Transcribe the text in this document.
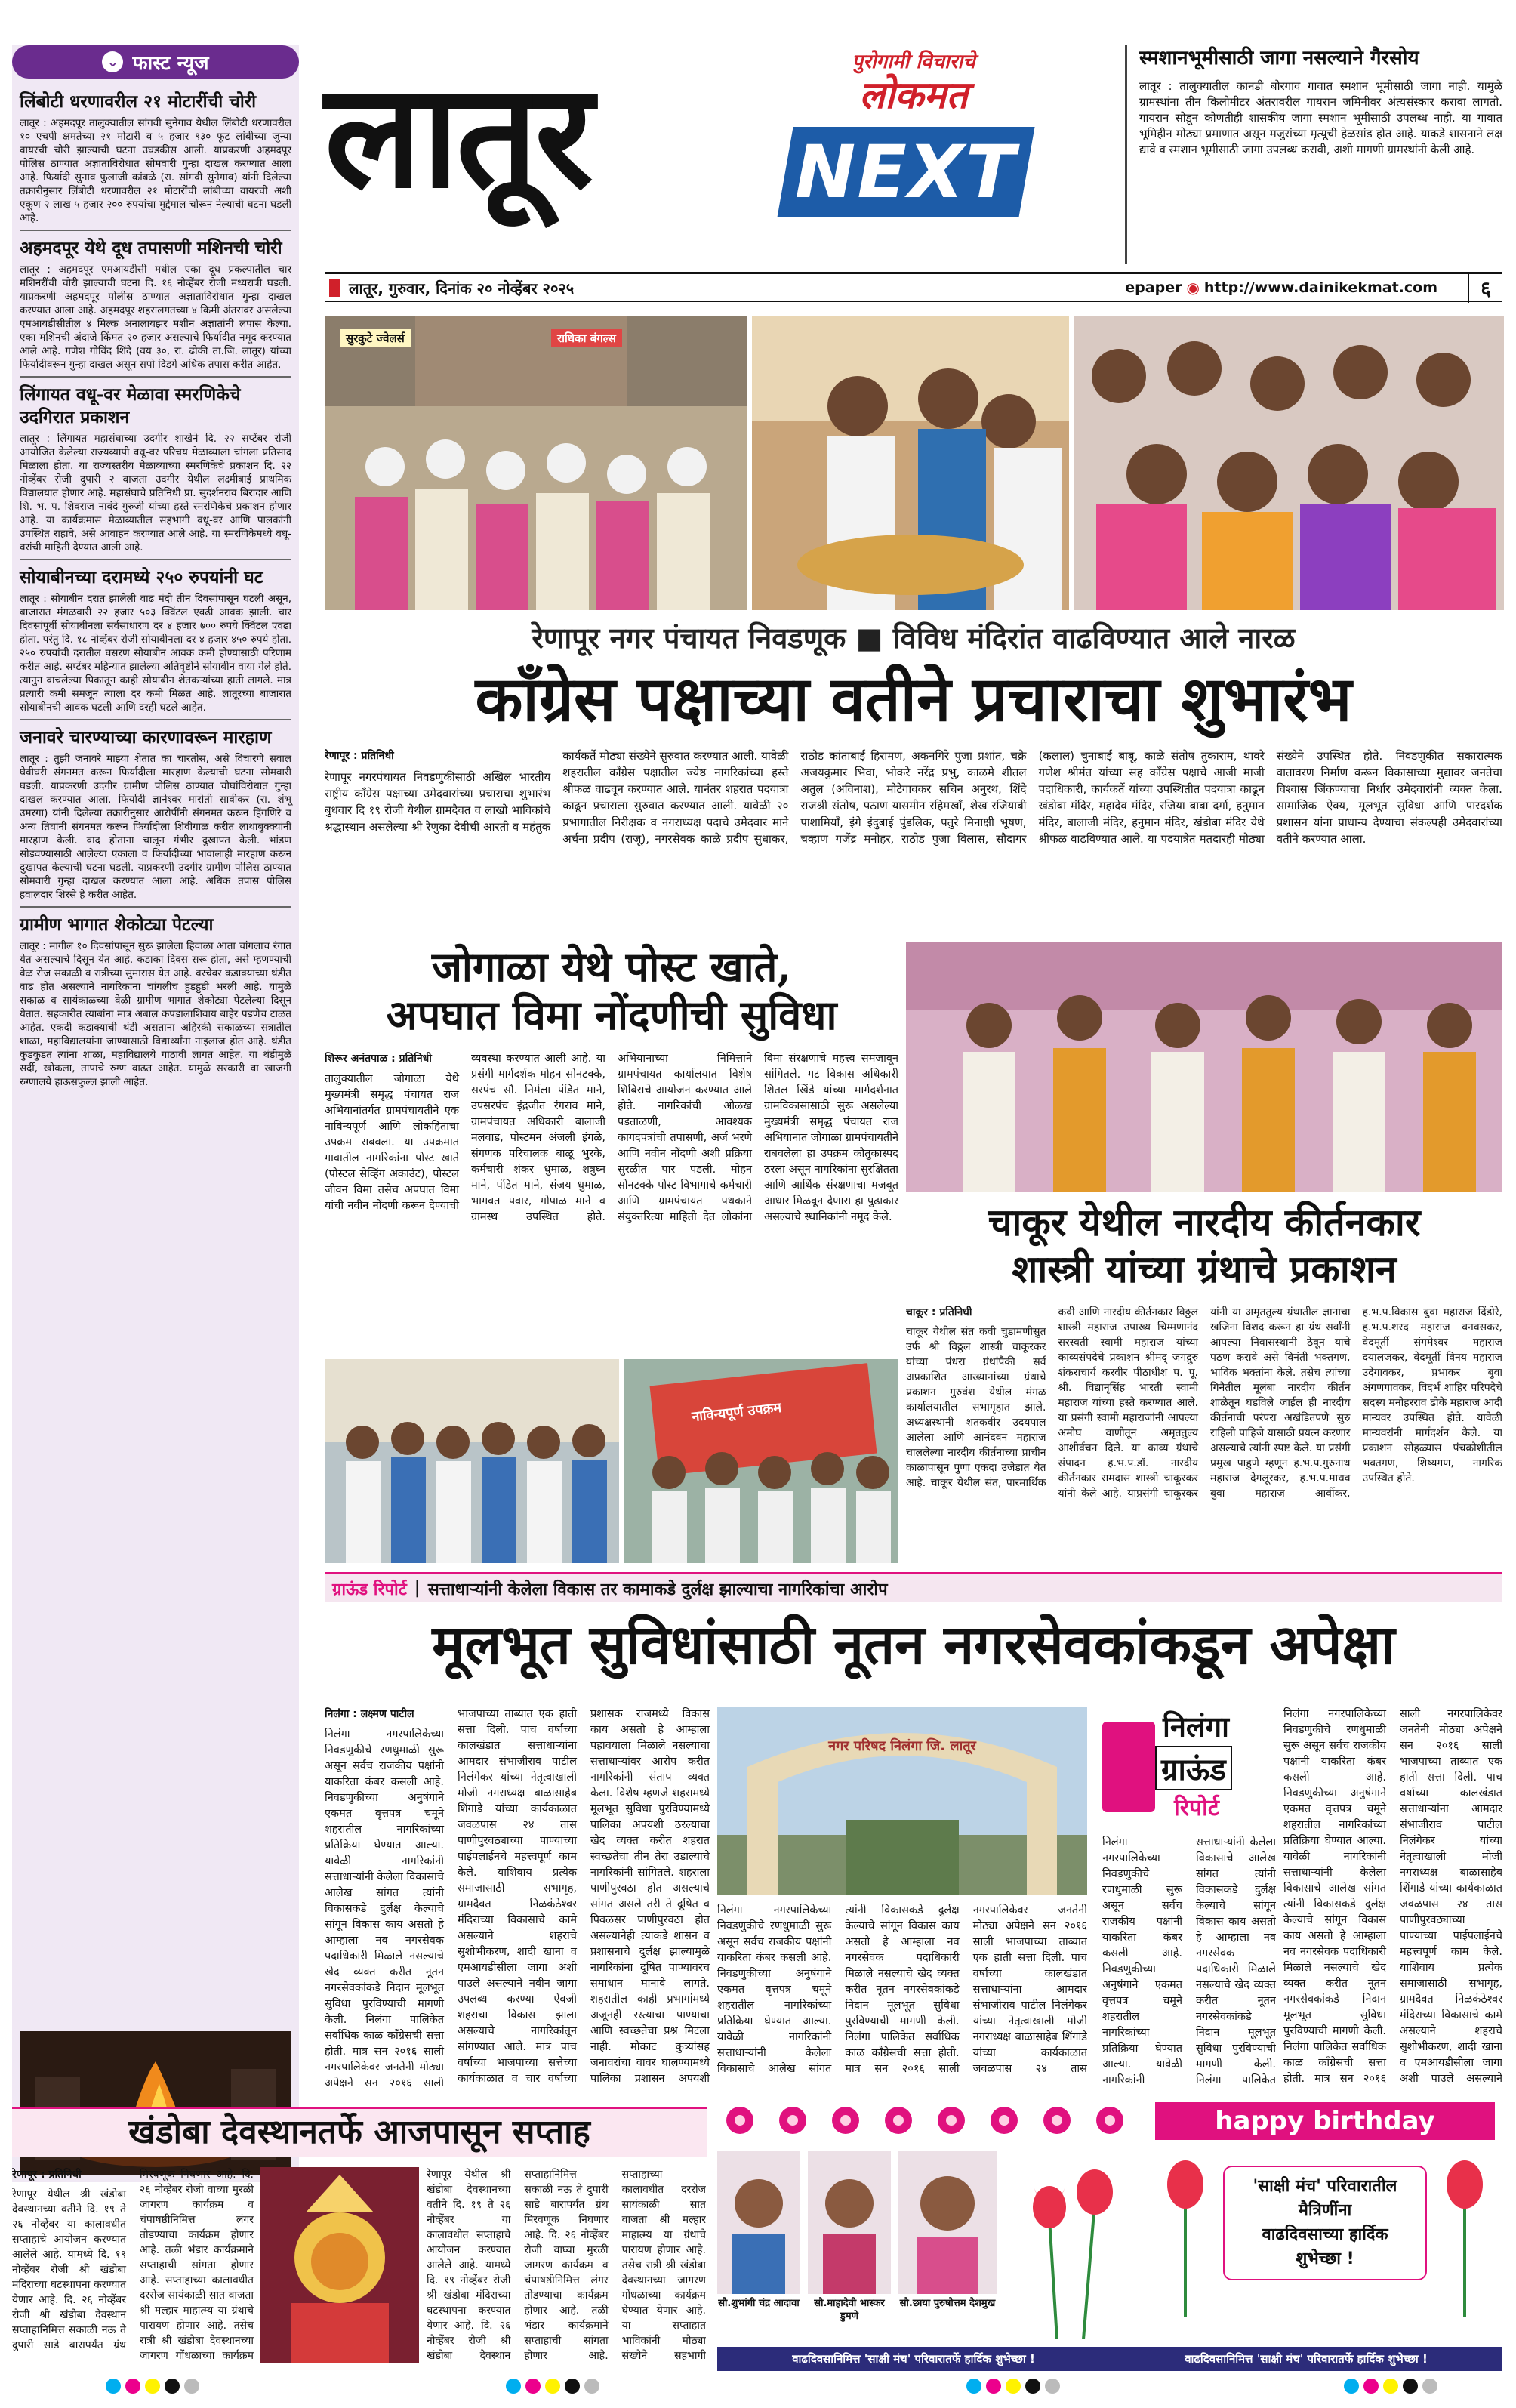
लिंबोटी धरणावरील २१ मोटारींची चोरी
लातूर : अहमदपूर तालुक्यातील सांगवी सुनेगाव येथील लिंबोटी धरणावरील १० एचपी क्षमतेच्या २१ मोटारी व ५ हजार ९३० फूट लांबीच्या जुन्या वायरची चोरी झाल्याची घटना उघडकीस आली. याप्रकरणी अहमदपूर पोलिस ठाण्यात अज्ञाताविरोधात सोमवारी गुन्हा दाखल करण्यात आला आहे. फिर्यादी सुनाव फुलाजी कांबळे (रा. सांगवी सुनेगाव) यांनी दिलेल्या तक्रारीनुसार लिंबोटी धरणावरील २१ मोटारींची लांबीच्या वायरची अशी एकूण २ लाख ५ हजार २०० रुपयांचा मुद्देमाल चोरून नेल्याची घटना घडली आहे.
अहमदपूर येथे दूध तपासणी मशिनची चोरी
लातूर : अहमदपूर एमआयडीसी मधील एका दूध प्रकल्पातील चार मशिनरींची चोरी झाल्याची घटना दि. १६ नोव्हेंबर रोजी मध्यरात्री घडली. याप्रकरणी अहमदपूर पोलीस ठाण्यात अज्ञाताविरोधात गुन्हा दाखल करण्यात आला आहे. अहमदपूर शहरालगतच्या ४ किमी अंतरावर असलेल्या एमआयडीसीतील ४ मिल्क अनालायझर मशीन अज्ञातांनी लंपास केल्या. एका मशिनची अंदाजे किंमत २० हजार असल्याचे फिर्यादीत नमूद करण्यात आले आहे. गणेश गोविंद शिंदे (वय ३०, रा. ढोकी ता.जि. लातूर) यांच्या फिर्यादीवरून गुन्हा दाखल असून सपो दिडगे अधिक तपास करीत आहेत.
लिंगायत वधू-वर मेळावा स्मरणिकेचे उदगिरात प्रकाशन
लातूर : लिंगायत महासंघाच्या उदगीर शाखेने दि. २२ सप्टेंबर रोजी आयोजित केलेल्या राज्यव्यापी वधू-वर परिचय मेळाव्याला चांगला प्रतिसाद मिळाला होता. या राज्यस्तरीय मेळाव्याच्या स्मरणिकेचे प्रकाशन दि. २२ नोव्हेंबर रोजी दुपारी २ वाजता उदगीर येथील लक्ष्मीबाई प्राथमिक विद्यालयात होणार आहे. महासंघाचे प्रतिनिधी प्रा. सुदर्शनराव बिरादार आणि शि. भ. प. शिवराज नावंदे गुरुजी यांच्या हस्ते स्मरणिकेचे प्रकाशन होणार आहे. या कार्यक्रमास मेळाव्यातील सहभागी वधू-वर आणि पालकांनी उपस्थित राहावे, असे आवाहन करण्यात आले आहे. या स्मरणिकेमध्ये वधू-वरांची माहिती देण्यात आली आहे.
सोयाबीनच्या दरामध्ये २५० रुपयांनी घट
लातूर : सोयाबीन दरात झालेली वाढ मंदी तीन दिवसांपासून घटली असून, बाजारात मंगळवारी २२ हजार ५०३ क्विंटल एवढी आवक झाली. चार दिवसांपूर्वी सोयाबीनला सर्वसाधारण दर ४ हजार ७०० रुपये क्विंटल एवढा होता. परंतु दि. १८ नोव्हेंबर रोजी सोयाबीनला दर ४ हजार ४५० रुपये होता. २५० रुपयांची दरातील घसरण सोयाबीन आवक कमी होण्यासाठी परिणाम करीत आहे. सप्टेंबर महिन्यात झालेल्या अतिवृष्टीने सोयाबीन वाया गेले होते. त्यानुन वाचलेल्या पिकातून काही सोयाबीन शेतकऱ्यांच्या हाती लागले. मात्र प्रत्यारी कमी समजून त्याला दर कमी मिळत आहे. लातूरच्या बाजारात सोयाबीनची आवक घटली आणि दरही घटले आहेत.
जनावरे चारण्याच्या कारणावरून मारहाण
लातूर : तुझी जनावरे माझ्या शेतात का चारतोस, असे विचारणे सवाल घेवीघरी संगनमत करून फिर्यादीला मारहाण केल्याची घटना सोमवारी घडली. याप्रकरणी उदगीर ग्रामीण पोलिस ठाण्यात चौघांविरोधात गुन्हा दाखल करण्यात आला. फिर्यादी ज्ञानेश्वर मारोती सावीकर (रा. शंभू उमरगा) यांनी दिलेल्या तक्रारीनुसार आरोपींनी संगनमत करून हिंगणिरे व अन्य तिघांनी संगनमत करून फिर्यादीला शिवीगाळ करीत लाथाबुक्क्यांनी मारहाण केली. वाद होताना चालून गंभीर दुखापत केली. भांडण सोडवण्यासाठी आलेल्या एकाला व फिर्यादीच्या भावालाही मारहाण करून दुखापत केल्याची घटना घडली. याप्रकरणी उदगीर ग्रामीण पोलिस ठाण्यात सोमवारी गुन्हा दाखल करण्यात आला आहे. अधिक तपास पोलिस हवालदार शिरसे हे करीत आहेत.
ग्रामीण भागात शेकोट्या पेटल्या
लातूर : मागील १० दिवसांपासून सुरू झालेला हिवाळा आता चांगलाच रंगात येत असल्याचे दिसून येत आहे. कडाका दिवस सरू होता, असे म्हणण्याची वेळ रोज सकाळी व रात्रीच्या सुमारास येत आहे. वरचेवर कडाक्याच्या थंडीत वाढ होत असल्याने नागरिकांना चांगलीच हुडहुडी भरली आहे. यामुळे सकाळ व सायंकाळच्या वेळी ग्रामीण भागात शेकोट्या पेटलेल्या दिसून येतात. सहकारीत त्याबांना मात्र अबाल कपडालाशिवाय बाहेर पडणेच टाळत आहेत. एकदी कडाक्याची थंडी असताना अहिरकी सकाळच्या सत्रातील शाळा, महाविद्यालयांना जाण्यासाठी विद्यार्थ्यांना नाइलाज होत आहे. थंडीत कुडकुडत त्यांना शाळा, महाविद्यालये गाठावी लागत आहेत. या थंडीमुळे सर्दी, खोकला, तापाचे रुग्ण वाढत आहेत. यामुळे सरकारी वा खाजगी रुग्णालये हाऊसफुल्ल झाली आहेत.
⌄ फास्ट न्यूज लातूर	पुरोगामी विचाराचे
लोकमत
NEXT
स्मशानभूमीसाठी जागा नसल्याने गैरसोय
लातूर : तालुक्यातील कानडी बोरगाव गावात स्मशान भूमीसाठी जागा नाही. यामुळे ग्रामस्थांना तीन किलोमीटर अंतरावरील गायरान जमिनीवर अंत्यसंस्कार करावा लागतो. गायरान सोडून कोणतीही शासकीय जागा स्मशान भूमीसाठी उपलब्ध नाही. या गावात भूमिहीन मोठ्या प्रमाणात असून मजुरांच्या मृत्यूची हेळसांड होत आहे. याकडे शासनाने लक्ष द्यावे व स्मशान भूमीसाठी जागा उपलब्ध करावी, अशी मागणी ग्रामस्थांनी केली आहे.
लातूर, गुरुवार, दिनांक २० नोव्हेंबर २०२५	epaper ◉ http://www.dainikekmat.com	६
सुरकुटे ज्वेलर्स	राधिका बंगल्स
रेणापूर नगर पंचायत निवडणूक ■ विविध मंदिरांत वाढविण्यात आले नारळ
काँग्रेस पक्षाच्या वतीने प्रचाराचा शुभारंभ
रेणापूर : प्रतिनिधी
रेणापूर नगरपंचायत निवडणुकीसाठी अखिल भारतीय राष्ट्रीय काँग्रेस पक्षाच्या उमेदवारांच्या प्रचाराचा शुभारंभ बुधवार दि १९ रोजी येथील ग्रामदैवत व लाखो भाविकांचे श्रद्धास्थान असलेल्या श्री रेणुका देवीची आरती व महंतुक कार्यकर्ते मोठ्या संख्येने सुरुवात करण्यात आली. यावेळी शहरातील काँग्रेस पक्षातील ज्येष्ठ नागरिकांच्या हस्ते श्रीफळ वाढवून करण्यात आले. यानंतर शहरात पदयात्रा काढून प्रचाराला सुरुवात करण्यात आली. यावेळी २० प्रभागातील निरीक्षक व नगराध्यक्ष पदाचे उमेदवार माने अर्चना प्रदीप (राजू), नगरसेवक काळे प्रदीप सुधाकर, राठोड कांताबाई हिरामण, अकनगिरे पुजा प्रशांत, चक्रे अजयकुमार भिवा, भोकरे नरेंद्र प्रभु, काळमे शीतल अतुल (अविनाश), मोटेगावकर सचिन अनुरथ, शिंदे राजश्री संतोष, पठाण यासमीन रहिमखाँ, शेख रजियाबी पाशामियाँ, इंगे इंदुबाई पुंडलिक, पतुरे मिनाक्षी भूषण, चव्हाण गजेंद्र मनोहर, राठोड पुजा विलास, सौदागर (कलाल) चुनाबाई बाबू, काळे संतोष तुकाराम, थावरे गणेश श्रीमंत यांच्या सह काँग्रेस पक्षाचे आजी माजी पदाधिकारी, कार्यकर्ते यांच्या उपस्थितीत पदयात्रा काढून खंडोबा मंदिर, महादेव मंदिर, रजिया बाबा दर्गा, हनुमान मंदिर, बालाजी मंदिर, हनुमान मंदिर, खंडोबा मंदिर येथे श्रीफळ वाढविण्यात आले. या पदयात्रेत मतदारही मोठ्या संख्येने उपस्थित होते. निवडणुकीत सकारात्मक वातावरण निर्माण करून विकासाच्या मुद्यावर जनतेचा विश्वास जिंकण्याचा निर्धार उमेदवारांनी व्यक्त केला. सामाजिक ऐक्य, मूलभूत सुविधा आणि पारदर्शक प्रशासन यांना प्राधान्य देण्याचा संकल्पही उमेदवारांच्या वतीने करण्यात आला.
जोगाळा येथे पोस्ट खाते,
अपघात विमा नोंदणीची सुविधा
शिरूर अनंतपाळ : प्रतिनिधी
तालुक्यातील जोगाळा येथे मुख्यमंत्री समृद्ध पंचायत राज अभियानांतर्गत ग्रामपंचायतीने एक नाविन्यपूर्ण आणि लोकहिताचा उपक्रम राबवला. या उपक्रमात गावातील नागरिकांना पोस्ट खाते (पोस्टल सेव्हिंग अकाउंट), पोस्टल जीवन विमा तसेच अपघात विमा यांची नवीन नोंदणी करून देण्याची व्यवस्था करण्यात आली आहे. या प्रसंगी मार्गदर्शक मोहन सोनटक्के, सरपंच सौ. निर्मला पंडित माने, उपसरपंच इंद्रजीत रंगराव माने, ग्रामपंचायत अधिकारी बालाजी मलवाड, पोस्टमन अंजली इंगळे, संगणक परिचालक बाळू भुरके, कर्मचारी शंकर धुमाळ, शत्रुघ्न माने, पंडित माने, संजय धुमाळ, भागवत पवार, गोपाळ माने व ग्रामस्थ उपस्थित होते. अभियानाच्या निमित्ताने ग्रामपंचायत कार्यालयात विशेष शिबिराचे आयोजन करण्यात आले होते. नागरिकांची ओळख पडताळणी, आवश्यक कागदपत्रांची तपासणी, अर्ज भरणे आणि नवीन नोंदणी अशी प्रक्रिया सुरळीत पार पडली. मोहन सोनटक्के पोस्ट विभागाचे कर्मचारी आणि ग्रामपंचायत पथकाने संयुक्तरित्या माहिती देत लोकांना विमा संरक्षणाचे महत्त्व समजावून सांगितले. गट विकास अधिकारी शितल खिंडे यांच्या मार्गदर्शनात ग्रामविकासासाठी सुरू असलेल्या मुख्यमंत्री समृद्ध पंचायत राज अभियानात जोगाळा ग्रामपंचायतीने राबवलेला हा उपक्रम कौतुकास्पद ठरला असून नागरिकांना सुरक्षितता आणि आर्थिक संरक्षणाचा मजबूत आधार मिळवून देणारा हा पुढाकार असल्याचे स्थानिकांनी नमूद केले.
नाविन्यपूर्ण उपक्रम
चाकूर येथील नारदीय कीर्तनकार
शास्त्री यांच्या ग्रंथाचे प्रकाशन
चाकूर : प्रतिनिधी
चाकूर येथील संत कवी चुडामणीसुत उर्फ श्री विठ्ठल शास्त्री चाकूरकर यांच्या पंधरा ग्रंथांपैकी सर्व अप्रकाशित आख्यानांच्या ग्रंथाचे प्रकाशन गुरुवंश येथील मंगळ कार्यालयातील सभागृहात झाले. अध्यक्षस्थानी शतकवीर उदयपाल आलेला आणि आनंदवन महाराज चाललेल्या नारदीय कीर्तनाच्या प्राचीन काळापासून पुणा एकदा उजेडात येत आहे. चाकूर येथील संत, पारमार्थिक कवी आणि नारदीय कीर्तनकार विठ्ठल शास्त्री महाराज उपाख्य चिम्मणानंद सरस्वती स्वामी महाराज यांच्या काव्यसंपदेचे प्रकाशन श्रीमद् जगद्गुरु शंकराचार्य करवीर पीठाधीश प. पू. श्री. विद्यानृसिंह भारती स्वामी महाराज यांच्या हस्ते करण्यात आले. या प्रसंगी स्वामी महाराजांनी आपल्या अमोघ वाणीतून अमृततुल्य आशीर्वचन दिले. या काव्य ग्रंथाचे संपादन ह.भ.प.डॉ. नारदीय कीर्तनकार रामदास शास्त्री चाकूरकर यांनी केले आहे. याप्रसंगी चाकूरकर यांनी या अमृततुल्य ग्रंथातील ज्ञानाचा खजिना विशद करून हा ग्रंथ सर्वांनी आपल्या निवासस्थानी ठेवून याचे पठण करावे असे विनंती भक्तगण, भाविक भक्तांना केले. तसेच त्यांच्या गिनैतील मूलंबा नारदीय कीर्तन शाळेतून घडविले जाईल ही नारदीय कीर्तनाची परंपरा अखंडितपणे सुरु राहिली पाहिजे यासाठी प्रयत्न करणार असल्याचे त्यांनी स्पष्ट केले. या प्रसंगी प्रमुख पाहुणे म्हणून ह.भ.प.गुरुनाथ महाराज देगलूरकर, ह.भ.प.माधव बुवा महाराज आर्वीकर, ह.भ.प.विकास बुवा महाराज दिंडोरे, ह.भ.प.शरद महाराज वनवसकर, वेदमूर्ती संगमेश्वर महाराज दयालजकर, वेदमूर्ती विनय महाराज उदेगावकर, प्रभाकर बुवा अंगणगावकर, विदर्भ शाहिर परिपदेचे सदस्य मनोहरराव ढोके महाराज आदी मान्यवर उपस्थित होते. यावेळी मान्यवरांनी मार्गदर्शन केले. या प्रकाशन सोहळ्यास पंचक्रोशीतील भक्तगण, शिष्यगण, नागरिक उपस्थित होते.
ग्राऊंड रिपोर्ट | सत्ताधाऱ्यांनी केलेला विकास तर कामाकडे दुर्लक्ष झाल्याचा नागरिकांचा आरोप
मूलभूत सुविधांसाठी नूतन नगरसेवकांकडून अपेक्षा
निलंगा : लक्ष्मण पाटील
निलंगा नगरपालिकेच्या निवडणुकीचे रणधुमाळी सुरू असून सर्वच राजकीय पक्षांनी याकरिता कंबर कसली आहे. निवडणुकीच्या अनुषंगाने एकमत वृत्तपत्र चमूने शहरातील नागरिकांच्या प्रतिक्रिया घेण्यात आल्या. यावेळी नागरिकांनी सत्ताधाऱ्यांनी केलेला विकासाचे आलेख सांगत त्यांनी विकासकडे दुर्लक्ष केल्याचे सांगून विकास काय असतो हे आम्हाला नव नगरसेवक पदाधिकारी मिळाले नसल्याचे खेद व्यक्त करीत नूतन नगरसेवकांकडे निदान मूलभूत सुविधा पुरविण्याची मागणी केली. निलंगा पालिकेत सर्वाधिक काळ काँग्रेसची सत्ता होती. मात्र सन २०१६ साली नगरपालिकेवर जनतेनी मोठ्या अपेक्षने सन २०१६ साली भाजपाच्या ताब्यात एक हाती सत्ता दिली. पाच वर्षाच्या कालखंडात सत्ताधाऱ्यांना आमदार संभाजीराव पाटील निलंगेकर यांच्या नेतृत्वाखाली मोजी नगराध्यक्ष बाळासाहेब शिंगाडे यांच्या कार्यकाळात जवळपास २४ तास पाणीपुरवठ्याच्या पाण्याच्या पाईपलाईनचे महत्त्वपूर्ण काम केले. याशिवाय प्रत्येक समाजासाठी सभागृह, ग्रामदैवत निळकंठेश्वर मंदिराच्या विकासाचे कामे असल्याने शहराचे सुशोभीकरण, शादी खाना व एमआयडीसीला जागा अशी पाउले असल्याने नवीन जागा उपलब्ध करण्या ऐवजी शहराचा विकास झाला असल्याचे नागरिकांतून सांगण्यात आले. मात्र पाच वर्षाच्या भाजपाच्या सत्तेच्या कार्यकाळात व चार वर्षाच्या प्रशासक राजमध्ये विकास काय असतो हे आम्हाला पहावयाला मिळाले नसल्याचा सत्ताधाऱ्यांवर आरोप करीत नागरिकांनी संताप व्यक्त केला. विशेष म्हणजे शहरामध्ये मूलभूत सुविधा पुरविण्यामध्ये पालिका अपयशी ठरल्याचा खेद व्यक्त करीत शहरात स्वच्छतेचा तीन तेरा उडाल्याचे नागरिकांनी सांगितले. शहराला पाणीपुरवठा होत असल्याचे सांगत असले तरी ते दूषित व पिवळसर पाणीपुरवठा होत असल्यानेही त्याकडे शासन व प्रशासनाचे दुर्लक्ष झाल्यामुळे नागरिकांना दूषित पाण्यावरच समाधान मानावे लागते. शहरातील काही प्रभागांमध्ये अजूनही रस्त्याचा पाण्याचा आणि स्वच्छतेचा प्रश्न मिटला नाही. मोकाट कुत्र्यांसह जनावरांचा वावर घालण्यामध्ये पालिका प्रशासन अपयशी
नगर परिषद निलंगा जि. लातूर
निलंगा नगरपालिकेच्या निवडणुकीचे रणधुमाळी सुरू असून सर्वच राजकीय पक्षांनी याकरिता कंबर कसली आहे. निवडणुकीच्या अनुषंगाने एकमत वृत्तपत्र चमूने शहरातील नागरिकांच्या प्रतिक्रिया घेण्यात आल्या. यावेळी नागरिकांनी सत्ताधाऱ्यांनी केलेला विकासाचे आलेख सांगत त्यांनी विकासकडे दुर्लक्ष केल्याचे सांगून विकास काय असतो हे आम्हाला नव नगरसेवक पदाधिकारी मिळाले नसल्याचे खेद व्यक्त करीत नूतन नगरसेवकांकडे निदान मूलभूत सुविधा पुरविण्याची मागणी केली. निलंगा पालिकेत सर्वाधिक काळ काँग्रेसची सत्ता होती. मात्र सन २०१६ साली नगरपालिकेवर जनतेनी मोठ्या अपेक्षने सन २०१६ साली भाजपाच्या ताब्यात एक हाती सत्ता दिली. पाच वर्षाच्या कालखंडात सत्ताधाऱ्यांना आमदार संभाजीराव पाटील निलंगेकर यांच्या नेतृत्वाखाली मोजी नगराध्यक्ष बाळासाहेब शिंगाडे यांच्या कार्यकाळात जवळपास २४ तास
निलंगा
ग्राऊंड
रिपोर्ट
निलंगा नगरपालिकेच्या निवडणुकीचे रणधुमाळी सुरू असून सर्वच राजकीय पक्षांनी याकरिता कंबर कसली आहे. निवडणुकीच्या अनुषंगाने एकमत वृत्तपत्र चमूने शहरातील नागरिकांच्या प्रतिक्रिया घेण्यात आल्या. यावेळी नागरिकांनी सत्ताधाऱ्यांनी केलेला विकासाचे आलेख सांगत त्यांनी विकासकडे दुर्लक्ष केल्याचे सांगून विकास काय असतो हे आम्हाला नव नगरसेवक पदाधिकारी मिळाले नसल्याचे खेद व्यक्त करीत नूतन नगरसेवकांकडे निदान मूलभूत सुविधा पुरविण्याची मागणी केली. निलंगा पालिकेत सर्वाधिक काळ काँग्रेसची सत्ता होती. मात्र सन २०१६ साली नगरपालिकेवर जनतेनी मोठ्या अपेक्षने सन २०१६ साली भाजपाच्या ताब्यात एक हाती सत्ता दिली. पाच वर्षाच्या कालखंडात सत्ताधाऱ्यांना आमदार संभाजीराव पाटील निलंगेकर यांच्या नेतृत्वाखाली मोजी नगराध्यक्ष बाळासाहेब शिंगाडे यांच्या कार्यकाळात जवळपास २४ तास पाणीपुरवठ्याच्या पाण्याच्या पाईपलाईनचे महत्त्वपूर्ण काम केले. याशिवाय प्रत्येक समाजासाठी सभागृह, ग्रामदैवत निळकंठेश्वर मंदिराच्या विकासाचे कामे असल्याने शहराचे सुशोभीकरण, शादी खाना व एमआयडीसीला जागा अशी पाउले असल्याने
निलंगा नगरपालिकेच्या निवडणुकीचे रणधुमाळी सुरू असून सर्वच राजकीय पक्षांनी याकरिता कंबर कसली आहे. निवडणुकीच्या अनुषंगाने एकमत वृत्तपत्र चमूने शहरातील नागरिकांच्या प्रतिक्रिया घेण्यात आल्या. यावेळी नागरिकांनी सत्ताधाऱ्यांनी केलेला विकासाचे आलेख सांगत त्यांनी विकासकडे दुर्लक्ष केल्याचे सांगून विकास काय असतो हे आम्हाला नव नगरसेवक पदाधिकारी मिळाले नसल्याचे खेद व्यक्त करीत नूतन नगरसेवकांकडे निदान मूलभूत सुविधा पुरविण्याची मागणी केली. निलंगा पालिकेत
खंडोबा देवस्थानतर्फे आजपासून सप्ताह
रेणापूर : प्रतिनिधी
रेणापूर येथील श्री खंडोबा देवस्थानच्या वतीने दि. १९ ते २६ नोव्हेंबर या कालावधीत सप्ताहाचे आयोजन करण्यात आलेले आहे. यामध्ये दि. १९ नोव्हेंबर रोजी श्री खंडोबा मंदिराच्या घटस्थापना करण्यात येणार आहे. दि. २६ नोव्हेंबर रोजी श्री खंडोबा देवस्थान सप्ताहानिमित्त सकाळी नऊ ते दुपारी साडे बारापर्यंत ग्रंथ मिरवणूक निघणार आहे. दि. २६ नोव्हेंबर रोजी वाघ्या मुरळी जागरण कार्यक्रम व चंपाषष्ठीनिमित्त लंगर तोडण्याचा कार्यक्रम होणार आहे. तळी भंडार कार्यक्रमाने सप्ताहाची सांगता होणार आहे. सप्ताहाच्या कालावधीत दररोज सायंकाळी सात वाजता श्री मल्हार माहात्म्य या ग्रंथाचे पारायण होणार आहे. तसेच रात्री श्री खंडोबा देवस्थानच्या जागरण गोंधळाच्या कार्यक्रम
रेणापूर येथील श्री खंडोबा देवस्थानच्या वतीने दि. १९ ते २६ नोव्हेंबर या कालावधीत सप्ताहाचे आयोजन करण्यात आलेले आहे. यामध्ये दि. १९ नोव्हेंबर रोजी श्री खंडोबा मंदिराच्या घटस्थापना करण्यात येणार आहे. दि. २६ नोव्हेंबर रोजी श्री खंडोबा देवस्थान सप्ताहानिमित्त सकाळी नऊ ते दुपारी साडे बारापर्यंत ग्रंथ मिरवणूक निघणार आहे. दि. २६ नोव्हेंबर रोजी वाघ्या मुरळी जागरण कार्यक्रम व चंपाषष्ठीनिमित्त लंगर तोडण्याचा कार्यक्रम होणार आहे. तळी भंडार कार्यक्रमाने सप्ताहाची सांगता होणार आहे. सप्ताहाच्या कालावधीत दररोज सायंकाळी सात वाजता श्री मल्हार माहात्म्य या ग्रंथाचे पारायण होणार आहे. तसेच रात्री श्री खंडोबा देवस्थानच्या जागरण गोंधळाच्या कार्यक्रम घेण्यात येणार आहे. या सप्ताहात भाविकांनी मोठ्या संख्येने सहभागी
happy birthday
सौ.शुभांगी चंद्र आदावा	सौ.माहादेवी भास्कर डुमणे
सौ.छाया पुरुषोत्तम देशमुख
'साक्षी मंच' परिवारातील
मैत्रिणींना
वाढदिवसाच्या हार्दिक
शुभेच्छा !
वाढदिवसानिमित्त 'साक्षी मंच' परिवारातर्फे हार्दिक शुभेच्छा !	वाढदिवसानिमित्त 'साक्षी मंच' परिवारातर्फे हार्दिक शुभेच्छा !
